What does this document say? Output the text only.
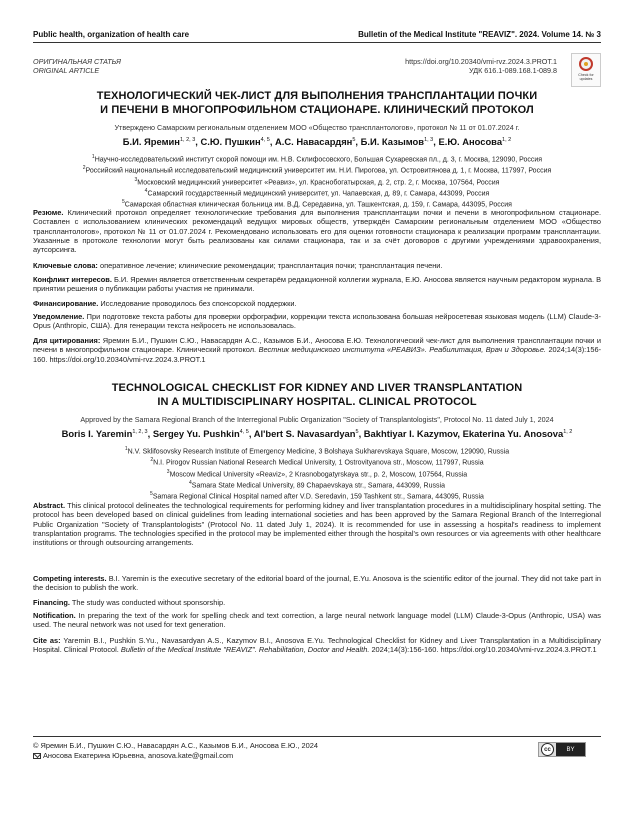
Public health, organization of health care	Bulletin of the Medical Institute "REAVIZ". 2024. Volume 14. № 3
ОРИГИНАЛЬНАЯ СТАТЬЯ
ORIGINAL ARTICLE
https://doi.org/10.20340/vmi-rvz.2024.3.PROT.1
УДК 616.1-089.168.1-089.8	Check for updates
ТЕХНОЛОГИЧЕСКИЙ ЧЕК-ЛИСТ ДЛЯ ВЫПОЛНЕНИЯ ТРАНСПЛАНТАЦИИ ПОЧКИ
И ПЕЧЕНИ В МНОГОПРОФИЛЬНОМ СТАЦИОНАРЕ. КЛИНИЧЕСКИЙ ПРОТОКОЛ
Утверждено Самарским региональным отделением МОО «Общество трансплантологов», протокол № 11 от 01.07.2024 г.
Б.И. Яремин$^{1, 2, 3}$, С.Ю. Пушкин$^{4, 5}$, А.С. Навасардян$^5$, Б.И. Казымов$^{1, 3}$, Е.Ю. Аносова$^{1, 2}$
$^1$Научно-исследовательский институт скорой помощи им. Н.В. Склифосовского, Большая Сухаревская пл., д. 3, г. Москва, 129090, Россия
$^2$Российский национальный исследовательский медицинский университет им. Н.И. Пирогова, ул. Островитянова д. 1, г. Москва, 117997, Россия
$^3$Московский медицинский университет «Реавиз», ул. Краснобогатырская, д. 2, стр. 2, г. Москва, 107564, Россия
$^4$Самарский государственный медицинский университет, ул. Чапаевская, д. 89, г. Самара, 443099, Россия
$^5$Самарская областная клиническая больница им. В.Д. Середавина, ул. Ташкентская, д. 159, г. Самара, 443095, Россия
Резюме. Клинический протокол определяет технологические требования для выполнения трансплантации почки и печени в многопрофильном стационаре. Составлен с использованием клинических рекомендаций ведущих мировых обществ, утверждён Самарским региональным отделением МОО «Общество трансплантологов», протокол № 11 от 01.07.2024 г. Рекомендовано использовать его для оценки готовности стационара к реализации программ трансплантации. Указанные в протоколе технологии могут быть реализованы как силами стационара, так и за счёт договоров с другими учреждениями здравоохранения, аутсорсинга.
Ключевые слова: оперативное лечение; клинические рекомендации; трансплантация почки; трансплантация печени.
Конфликт интересов. Б.И. Яремин является ответственным секретарём редакционной коллегии журнала, Е.Ю. Аносова является научным редактором журнала. В принятии решения о публикации работы участия не принимали.
Финансирование. Исследование проводилось без спонсорской поддержки.
Уведомление. При подготовке текста работы для проверки орфографии, коррекции текста использована большая нейросетевая языковая модель (LLM) Claude-3-Opus (Anthropic, США). Для генерации текста нейросеть не использовалась.
Для цитирования: Яремин Б.И., Пушкин С.Ю., Навасардян А.С., Казымов Б.И., Аносова Е.Ю. Технологический чек-лист для выполнения трансплантации почки и печени в многопрофильном стационаре. Клинический протокол. Вестник медицинского института «РЕАВИЗ». Реабилитация, Врач и Здоровье. 2024;14(3):156-160. https://doi.org/10.20340/vmi-rvz.2024.3.PROT.1
TECHNOLOGICAL CHECKLIST FOR KIDNEY AND LIVER TRANSPLANTATION
IN A MULTIDISCIPLINARY HOSPITAL. CLINICAL PROTOCOL
Approved by the Samara Regional Branch of the Interregional Public Organization "Society of Transplantologists", Protocol No. 11 dated July 1, 2024
Boris I. Yaremin$^{1, 2, 3}$, Sergey Yu. Pushkin$^{4, 5}$, Al'bert S. Navasardyan$^5$, Bakhtiyar I. Kazymov, Ekaterina Yu. Anosova$^{1, 2}$
$^1$N.V. Sklifosovsky Research Institute of Emergency Medicine, 3 Bolshaya Sukharevskaya Square, Moscow, 129090, Russia
$^2$N.I. Pirogov Russian National Research Medical University, 1 Ostrovityanova str., Moscow, 117997, Russia
$^3$Moscow Medical University «Reaviz», 2 Krasnobogatyrskaya str., p. 2, Moscow, 107564, Russia
$^4$Samara State Medical University, 89 Chapaevskaya str., Samara, 443099, Russia
$^5$Samara Regional Clinical Hospital named after V.D. Seredavin, 159 Tashkent str., Samara, 443095, Russia
Abstract. This clinical protocol delineates the technological requirements for performing kidney and liver transplantation procedures in a multidisciplinary hospital setting. The protocol has been developed based on clinical guidelines from leading international societies and has been approved by the Samara Regional Branch of the Interregional Public Organization "Society of Transplantologists" (Protocol No. 11 dated July 1, 2024). It is recommended for use in assessing a hospital's readiness to implement transplantation programs. The technologies specified in the protocol may be implemented either through the hospital's own resources or via agreements with other healthcare institutions or through outsourcing arrangements.
Competing interests. B.I. Yaremin is the executive secretary of the editorial board of the journal, E.Yu. Anosova is the scientific editor of the journal. They did not take part in the decision to publish the work.
Financing. The study was conducted without sponsorship.
Notification. In preparing the text of the work for spelling check and text correction, a large neural network language model (LLM) Claude-3-Opus (Anthropic, USA) was used. The neural network was not used for text generation.
Cite as: Yaremin B.I., Pushkin S.Yu., Navasardyan A.S., Kazymov B.I., Anosova E.Yu. Technological Checklist for Kidney and Liver Transplantation in a Multidisciplinary Hospital. Clinical Protocol. Bulletin of the Medical Institute "REAVIZ". Rehabilitation, Doctor and Health. 2024;14(3):156-160. https://doi.org/10.20340/vmi-rvz.2024.3.PROT.1
© Яремин Б.И., Пушкин С.Ю., Навасардян А.С., Казымов Б.И., Аносова Е.Ю., 2024
Аносова Екатерина Юрьевна, anosova.kate@gmail.com
cc	BY
